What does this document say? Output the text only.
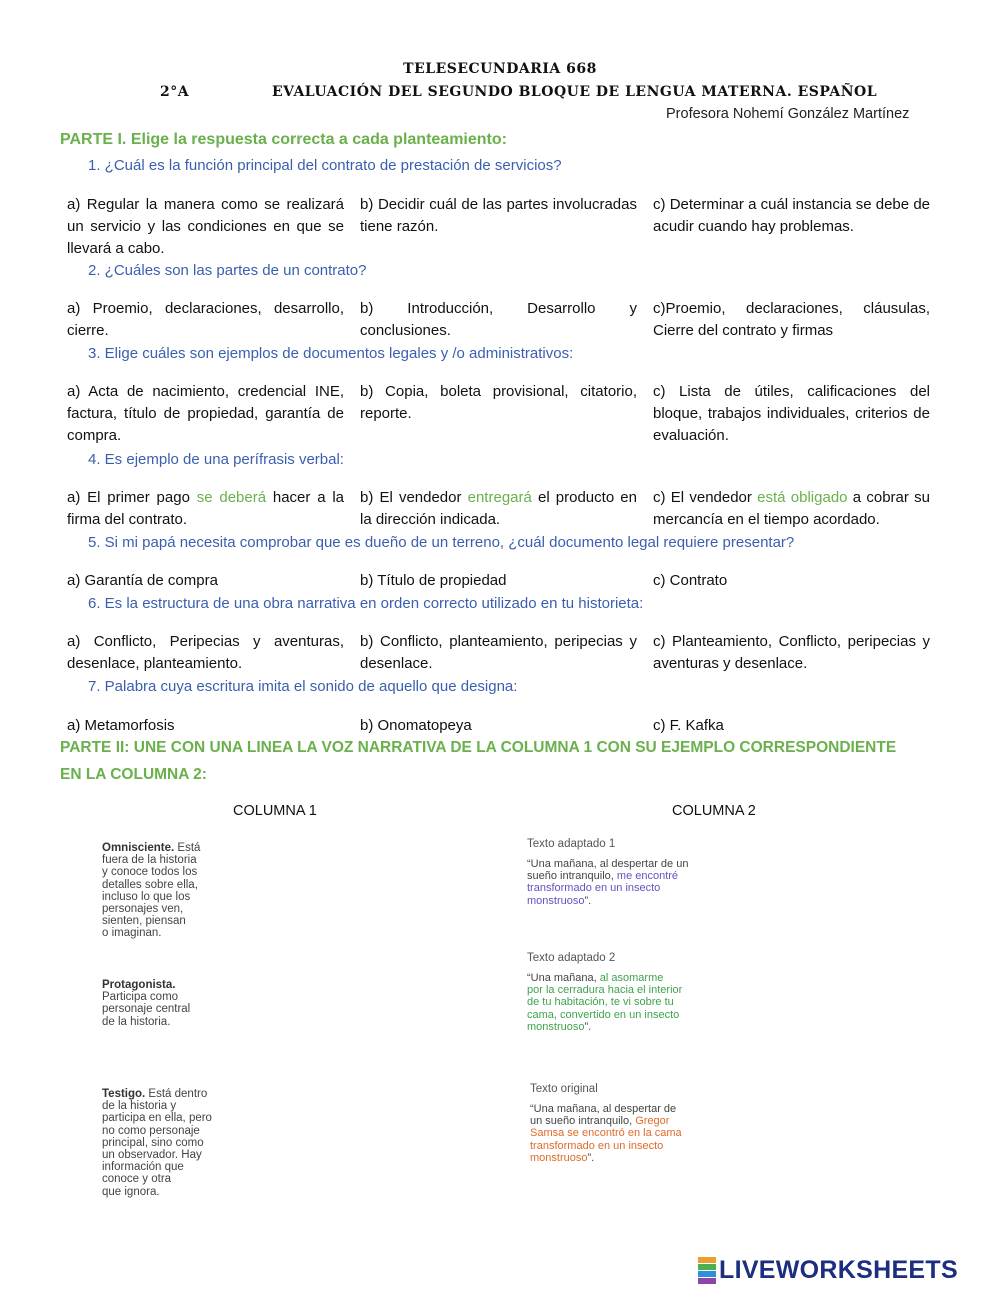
TELESECUNDARIA 668
2°A	EVALUACIÓN DEL SEGUNDO BLOQUE DE LENGUA MATERNA. ESPAÑOL
Profesora Nohemí González Martínez
PARTE I. Elige la respuesta correcta a cada planteamiento:
1. ¿Cuál es la función principal del contrato de prestación de servicios?
a) Regular la manera como se realizará un servicio y las condiciones en que se llevará a cabo.
b) Decidir cuál de las partes involucradas tiene razón.
c) Determinar a cuál instancia se debe de acudir cuando hay problemas.
2. ¿Cuáles son las partes de un contrato?
a) Proemio, declaraciones, desarrollo, cierre.
b) Introducción, Desarrollo y conclusiones.
c)Proemio, declaraciones, cláusulas, Cierre del contrato y firmas
3. Elige cuáles son ejemplos de documentos legales y /o administrativos:
a) Acta de nacimiento, credencial INE, factura, título de propiedad, garantía de compra.
b) Copia, boleta provisional, citatorio, reporte.
c) Lista de útiles, calificaciones del bloque, trabajos individuales, criterios de evaluación.
4. Es ejemplo de una perífrasis verbal:
a) El primer pago se deberá hacer a la firma del contrato.
b) El vendedor entregará el producto en la dirección indicada.
c) El vendedor está obligado a cobrar su mercancía en el tiempo acordado.
5. Si mi papá necesita comprobar que es dueño de un terreno, ¿cuál documento legal requiere presentar?
a) Garantía de compra	b) Título de propiedad	c) Contrato
6. Es la estructura de una obra narrativa en orden correcto utilizado en tu historieta:
a) Conflicto, Peripecias y aventuras, desenlace, planteamiento.
b) Conflicto, planteamiento, peripecias y desenlace.
c) Planteamiento, Conflicto, peripecias y aventuras y desenlace.
7. Palabra cuya escritura imita el sonido de aquello que designa:
a) Metamorfosis	b) Onomatopeya	c) F. Kafka
PARTE II: UNE CON UNA LINEA LA VOZ NARRATIVA DE LA COLUMNA 1 CON SU EJEMPLO CORRESPONDIENTE
EN LA COLUMNA 2:
COLUMNA 1	COLUMNA 2
Omnisciente. Está
fuera de la historia
y conoce todos los
detalles sobre ella,
incluso lo que los
personajes ven,
sienten, piensan
o imaginan.
Protagonista.
Participa como
personaje central
de la historia.
Testigo. Está dentro
de la historia y
participa en ella, pero
no como personaje
principal, sino como
un observador. Hay
información que
conoce y otra
que ignora.
Texto adaptado 1
“Una mañana, al despertar de un
sueño intranquilo, me encontré
transformado en un insecto
monstruoso”.
Texto adaptado 2
“Una mañana, al asomarme
por la cerradura hacia el interior
de tu habitación, te vi sobre tu
cama, convertido en un insecto
monstruoso”.
Texto original
“Una mañana, al despertar de
un sueño intranquilo, Gregor
Samsa se encontró en la cama
transformado en un insecto
monstruoso”.
LIVEWORKSHEETS
